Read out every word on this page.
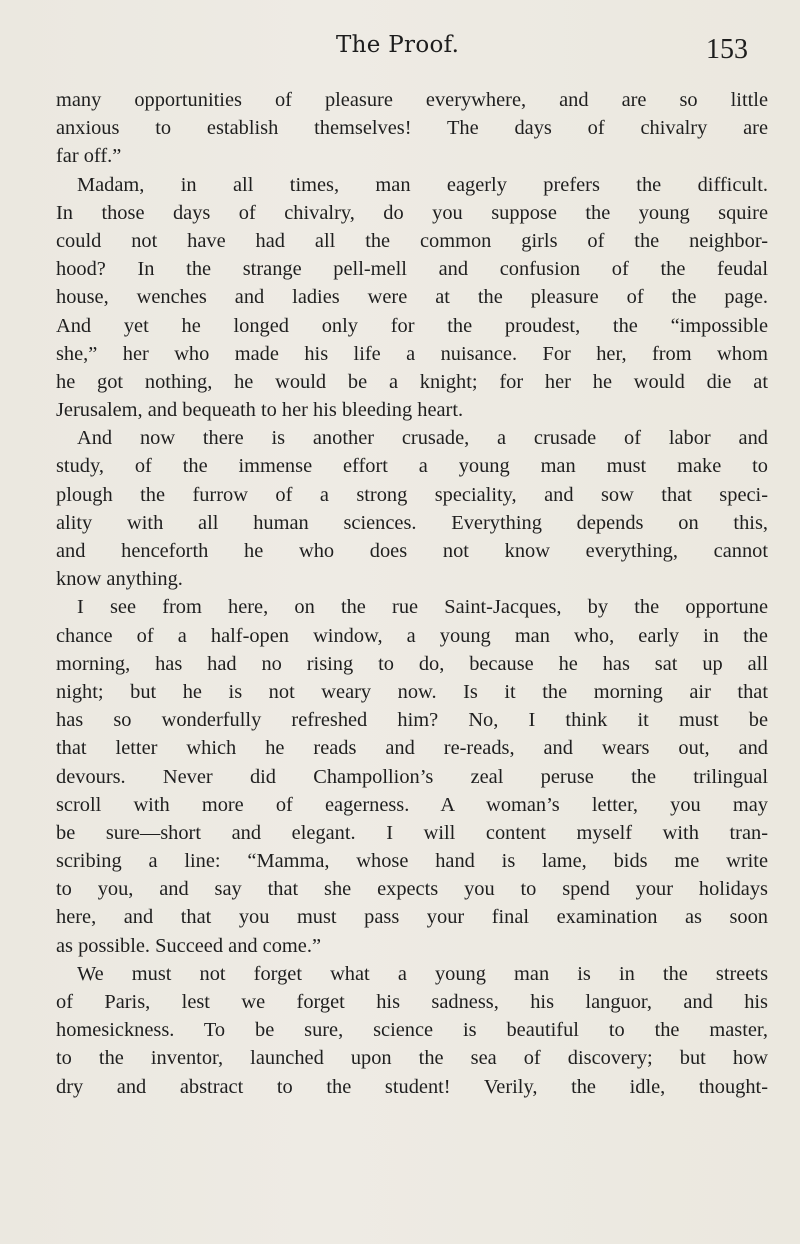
The Proof.	153
many opportunities of pleasure everywhere, and are so little
anxious to establish themselves! The days of chivalry are
far off.”
Madam, in all times, man eagerly prefers the difficult.
In those days of chivalry, do you suppose the young squire
could not have had all the common girls of the neighbor-
hood? In the strange pell-mell and confusion of the feudal
house, wenches and ladies were at the pleasure of the page.
And yet he longed only for the proudest, the “impossible
she,” her who made his life a nuisance. For her, from whom
he got nothing, he would be a knight; for her he would die at
Jerusalem, and bequeath to her his bleeding heart.
And now there is another crusade, a crusade of labor and
study, of the immense effort a young man must make to
plough the furrow of a strong speciality, and sow that speci-
ality with all human sciences. Everything depends on this,
and henceforth he who does not know everything, cannot
know anything.
I see from here, on the rue Saint-Jacques, by the opportune
chance of a half-open window, a young man who, early in the
morning, has had no rising to do, because he has sat up all
night; but he is not weary now. Is it the morning air that
has so wonderfully refreshed him? No, I think it must be
that letter which he reads and re-reads, and wears out, and
devours. Never did Champollion’s zeal peruse the trilingual
scroll with more of eagerness. A woman’s letter, you may
be sure—short and elegant. I will content myself with tran-
scribing a line: “Mamma, whose hand is lame, bids me write
to you, and say that she expects you to spend your holidays
here, and that you must pass your final examination as soon
as possible. Succeed and come.”
We must not forget what a young man is in the streets
of Paris, lest we forget his sadness, his languor, and his
homesickness. To be sure, science is beautiful to the master,
to the inventor, launched upon the sea of discovery; but how
dry and abstract to the student! Verily, the idle, thought-
